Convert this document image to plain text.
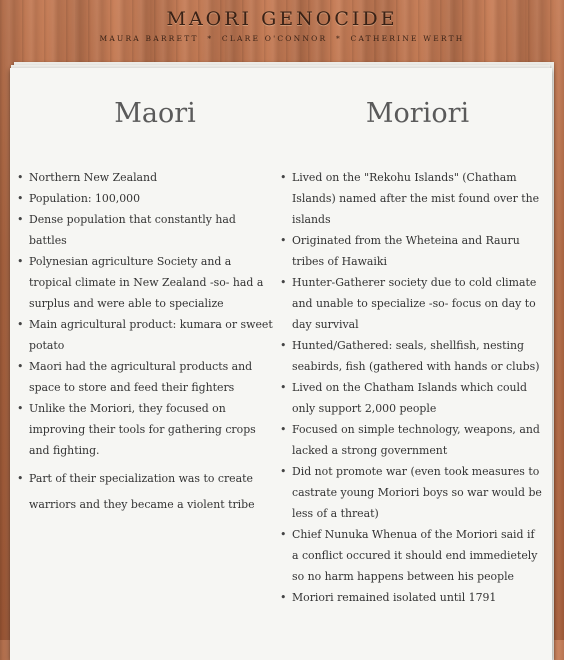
MAORI GENOCIDE
MAURA BARRETT * CLARE O'CONNOR * CATHERINE WERTH
Maori	Moriori
• Northern New Zealand
• Population: 100,000
• Dense population that constantly had battles
• Polynesian agriculture Society and a tropical climate in New Zealand -so- had a surplus and were able to specialize
• Main agricultural product: kumara or sweet potato
• Maori had the agricultural products and space to store and feed their fighters
• Unlike the Moriori, they focused on improving their tools for gathering crops and fighting.
• Part of their specialization was to create warriors and they became a violent tribe
• Lived on the "Rekohu Islands" (Chatham Islands) named after the mist found over the islands
• Originated from the Wheteina and Rauru tribes of Hawaiki
• Hunter-Gatherer society due to cold climate and unable to specialize -so- focus on day to day survival
• Hunted/Gathered: seals, shellfish, nesting seabirds, fish (gathered with hands or clubs)
• Lived on the Chatham Islands which could only support 2,000 people
• Focused on simple technology, weapons, and lacked a strong government
• Did not promote war (even took measures to castrate young Moriori boys so war would be less of a threat)
• Chief Nunuka Whenua of the Moriori said if a conflict occured it should end immedietely so no harm happens between his people
• Moriori remained isolated until 1791
